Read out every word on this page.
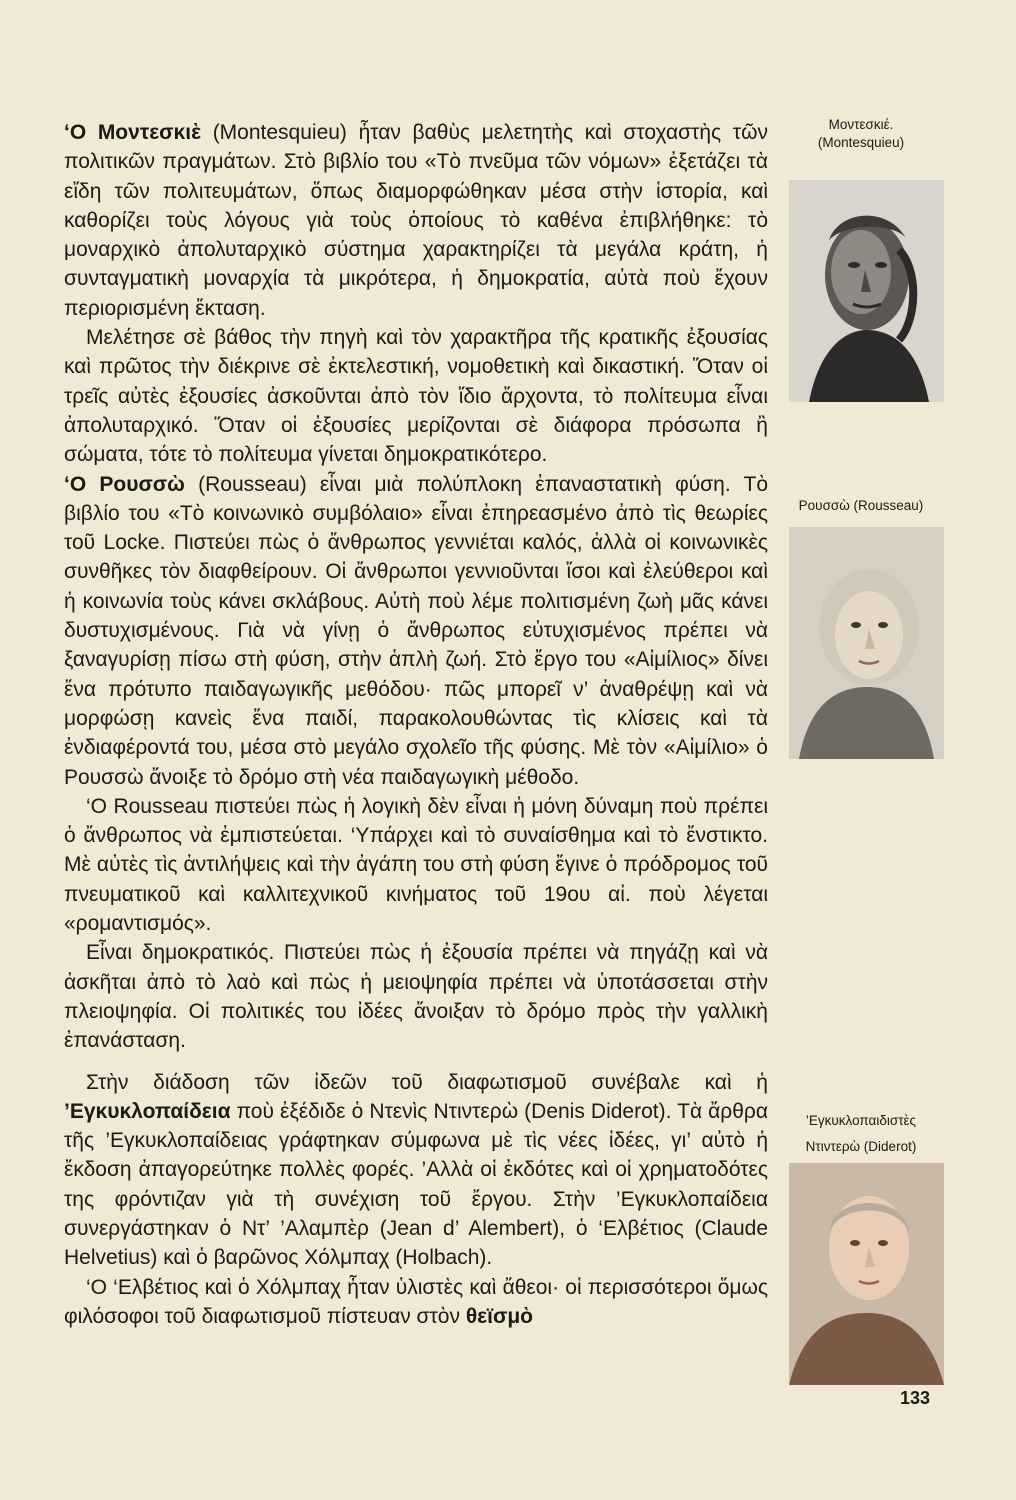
‘Ο Μοντεσκιὲ (Montesquieu) ἦταν βαθὺς μελετητὴς καὶ στοχαστὴς τῶν πολιτικῶν πραγμάτων. Στὸ βιβλίο του «Τὸ πνεῦμα τῶν νόμων» ἐξετάζει τὰ εἴδη τῶν πολιτευμάτων, ὅπως διαμορφώθηκαν μέσα στὴν ἱστορία, καὶ καθορίζει τοὺς λόγους γιὰ τοὺς ὁποίους τὸ καθένα ἐπιβλήθηκε: τὸ μοναρχικὸ ἀπολυταρχικὸ σύστημα χαρακτηρίζει τὰ μεγάλα κράτη, ἡ συνταγματικὴ μοναρχία τὰ μικρότερα, ἡ δημοκρατία, αὐτὰ ποὺ ἔχουν περιορισμένη ἔκταση.

Μελέτησε σὲ βάθος τὴν πηγὴ καὶ τὸν χαρακτῆρα τῆς κρατικῆς ἐξουσίας καὶ πρῶτος τὴν διέκρινε σὲ ἐκτελεστική, νομοθετικὴ καὶ δικαστική. Ὅταν οἱ τρεῖς αὐτὲς ἐξουσίες ἀσκοῦνται ἀπὸ τὸν ἴδιο ἄρχοντα, τὸ πολίτευμα εἶναι ἀπολυταρχικό. Ὅταν οἱ ἐξουσίες μερίζονται σὲ διάφορα πρόσωπα ἢ σώματα, τότε τὸ πολίτευμα γίνεται δημοκρατικότερο.

‘Ο Ρουσσὼ (Rousseau) εἶναι μιὰ πολύπλοκη ἐπαναστατικὴ φύση. Τὸ βιβλίο του «Τὸ κοινωνικὸ συμβόλαιο» εἶναι ἐπηρεασμένο ἀπὸ τὶς θεωρίες τοῦ Locke. Πιστεύει πὼς ὁ ἄνθρωπος γεννιέται καλός, ἀλλὰ οἱ κοινωνικὲς συνθῆκες τὸν διαφθείρουν. Οἱ ἄνθρωποι γεννιοῦνται ἴσοι καὶ ἐλεύθεροι καὶ ἡ κοινωνία τοὺς κάνει σκλάβους. Αὐτὴ ποὺ λέμε πολιτισμένη ζωὴ μᾶς κάνει δυστυχισμένους. Γιὰ νὰ γίνῃ ὁ ἄνθρωπος εὐτυχισμένος πρέπει νὰ ξαναγυρίσῃ πίσω στὴ φύση, στὴν ἁπλὴ ζωή. Στὸ ἔργο του «Αἰμίλιος» δίνει ἕνα πρότυπο παιδαγωγικῆς μεθόδου· πῶς μπορεῖ ν’ ἀναθρέψῃ καὶ νὰ μορφώσῃ κανεὶς ἕνα παιδί, παρακολουθώντας τὶς κλίσεις καὶ τὰ ἐνδιαφέροντά του, μέσα στὸ μεγάλο σχολεῖο τῆς φύσης. Μὲ τὸν «Αἰμίλιο» ὁ Ρουσσὼ ἄνοιξε τὸ δρόμο στὴ νέα παιδαγωγικὴ μέθοδο.

‘Ο Rousseau πιστεύει πὼς ἡ λογικὴ δὲν εἶναι ἡ μόνη δύναμη ποὺ πρέπει ὁ ἄνθρωπος νὰ ἐμπιστεύεται. ‘Υπάρχει καὶ τὸ συναίσθημα καὶ τὸ ἔνστικτο. Μὲ αὐτὲς τὶς ἀντιλήψεις καὶ τὴν ἀγάπη του στὴ φύση ἔγινε ὁ πρόδρομος τοῦ πνευματικοῦ καὶ καλλιτεχνικοῦ κινήματος τοῦ 19ου αἰ. ποὺ λέγεται «ρομαντισμός».

Εἶναι δημοκρατικός. Πιστεύει πὼς ἡ ἐξουσία πρέπει νὰ πηγάζῃ καὶ νὰ ἀσκῆται ἀπὸ τὸ λαὸ καὶ πὼς ἡ μειοψηφία πρέπει νὰ ὑποτάσσεται στὴν πλειοψηφία. Οἱ πολιτικές του ἰδέες ἄνοιξαν τὸ δρόμο πρὸς τὴν γαλλικὴ ἐπανάσταση.

Στὴν διάδοση τῶν ἰδεῶν τοῦ διαφωτισμοῦ συνέβαλε καὶ ἡ ’Εγκυκλοπαίδεια ποὺ ἐξέδιδε ὁ Ντενὶς Ντιντερὼ (Denis Diderot). Τὰ ἄρθρα τῆς ’Εγκυκλοπαίδειας γράφτηκαν σύμφωνα μὲ τὶς νέες ἰδέες, γι’ αὐτὸ ἡ ἔκδοση ἀπαγορεύτηκε πολλὲς φορές. ’Αλλὰ οἱ ἐκδότες καὶ οἱ χρηματοδότες της φρόντιζαν γιὰ τὴ συνέχιση τοῦ ἔργου. Στὴν ’Εγκυκλοπαίδεια συνεργάστηκαν ὁ Ντ’ ’Αλαμπὲρ (Jean d’ Alembert), ὁ ‘Ελβέτιος (Claude Helvetius) καὶ ὁ βαρῶνος Χόλμπαχ (Holbach).

‘Ο ‘Ελβέτιος καὶ ὁ Χόλμπαχ ἦταν ὑλιστὲς καὶ ἄθεοι· οἱ περισσότεροι ὅμως φιλόσοφοι τοῦ διαφωτισμοῦ πίστευαν στὸν θεϊσμὸ

Μοντεσκιέ.
(Montesquieu)
Ρουσσὼ (Rousseau)
’Εγκυκλοπαιδιστὲς
Ντιντερὼ (Diderot)
133
